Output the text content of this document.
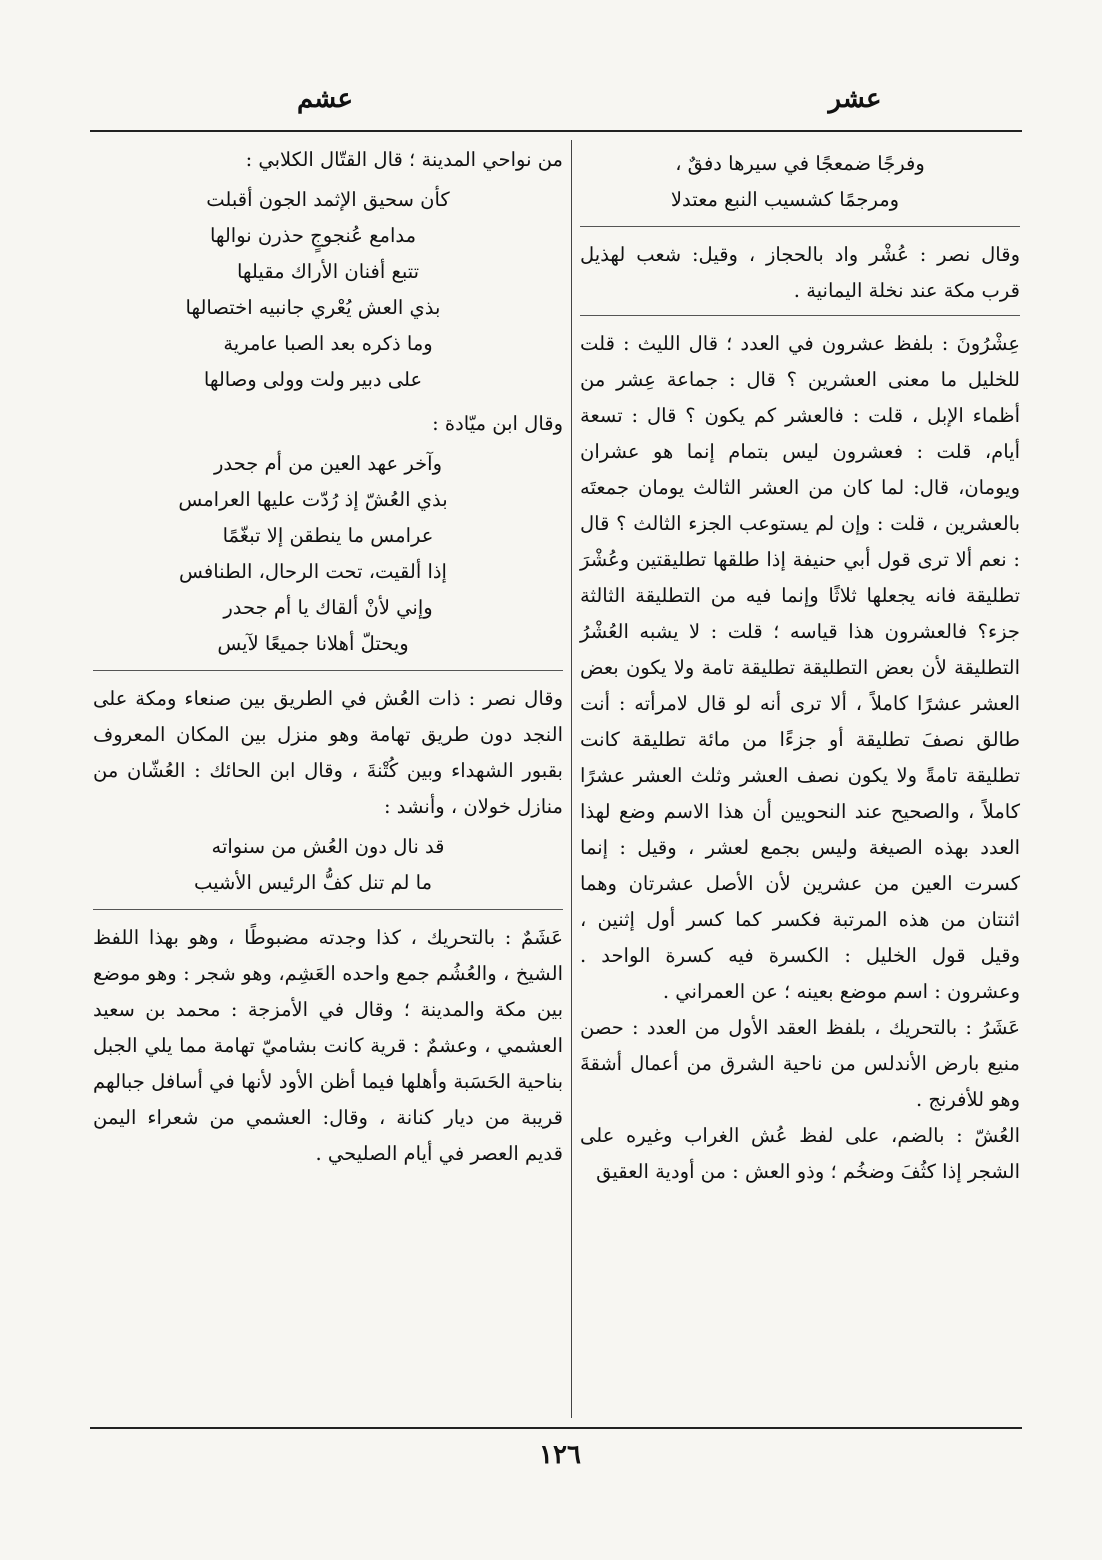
عشر
عشم
وفرجًا ضمعجًا في سيرها دفقٌ ،
ومرجمًا كشسيب النبع معتدلا

وقال نصر : عُشْر واد بالحجاز ، وقيل: شعب لهذيل قرب مكة عند نخلة اليمانية .

عِشْرُونَ : بلفظ عشرون في العدد ؛ قال الليث : قلت للخليل ما معنى العشرين ؟ قال : جماعة عِشر من أظماء الإبل ، قلت : فالعشر كم يكون ؟ قال : تسعة أيام، قلت : فعشرون ليس بتمام إنما هو عشران ويومان، قال: لما كان من العشر الثالث يومان جمعتَه بالعشرين ، قلت : وإن لم يستوعب الجزء الثالث ؟ قال : نعم ألا ترى قول أبي حنيفة إذا طلقها تطليقتين وعُشْرَ تطليقة فانه يجعلها ثلاثًا وإنما فيه من التطليقة الثالثة جزء؟ فالعشرون هذا قياسه ؛ قلت : لا يشبه العُشْرُ التطليقة لأن بعض التطليقة تطليقة تامة ولا يكون بعض العشر عشرًا كاملاً ، ألا ترى أنه لو قال لامرأته : أنت طالق نصفَ تطليقة أو جزءًا من مائة تطليقة كانت تطليقة تامةً ولا يكون نصف العشر وثلث العشر عشرًا كاملاً ، والصحيح عند النحويين أن هذا الاسم وضع لهذا العدد بهذه الصيغة وليس بجمع لعشر ، وقيل : إنما كسرت العين من عشرين لأن الأصل عشرتان وهما اثنتان من هذه المرتبة فكسر كما كسر أول إثنين ، وقيل قول الخليل : الكسرة فيه كسرة الواحد . وعشرون : اسم موضع بعينه ؛ عن العمراني .

عَشَرُ : بالتحريك ، بلفظ العقد الأول من العدد : حصن منيع بارض الأندلس من ناحية الشرق من أعمال أشقةَ وهو للأفرنج .

العُشّ : بالضم، على لفظ عُش الغراب وغيره على الشجر إذا كثُفَ وضخُم ؛ وذو العش : من أودية العقيق

من نواحي المدينة ؛ قال القتّال الكلابي :

كأن سحيق الإثمد الجون أقبلت
مدامع عُنجوجٍ حذرن نوالها
تتبع أفنان الأراك مقيلها
بذي العش يُعْري جانبيه اختصالها
وما ذكره بعد الصبا عامرية
على دبير ولت وولى وصالها

وقال ابن ميّادة :

وآخر عهد العين من أم جحدر
بذي العُشّ إذ رُدّت عليها العرامس
عرامس ما ينطقن إلا تبغّمًا
إذا ألقيت، تحت الرحال، الطنافس
وإني لأنْ ألقاك يا أم جحدر
ويحتلّ أهلانا جميعًا لآيس

وقال نصر : ذات العُش في الطريق بين صنعاء ومكة على النجد دون طريق تهامة وهو منزل بين المكان المعروف بقبور الشهداء وبين كُتْنةَ ، وقال ابن الحائك : العُشّان من منازل خولان ، وأنشد :

قد نال دون العُش من سنواته
ما لم تنل كفُّ الرئيس الأشيب

عَشَمٌ : بالتحريك ، كذا وجدته مضبوطًا ، وهو بهذا اللفظ الشيخ ، والعُشُم جمع واحده العَشِم، وهو شجر : وهو موضع بين مكة والمدينة ؛ وقال في الأمزجة : محمد بن سعيد العشمي ، وعشمٌ : قرية كانت بشاميّ تهامة مما يلي الجبل بناحية الحَسَبة وأهلها فيما أظن الأود لأنها في أسافل جبالهم قريبة من ديار كنانة ، وقال: العشمي من شعراء اليمن قديم العصر في أيام الصليحي .

١٢٦
